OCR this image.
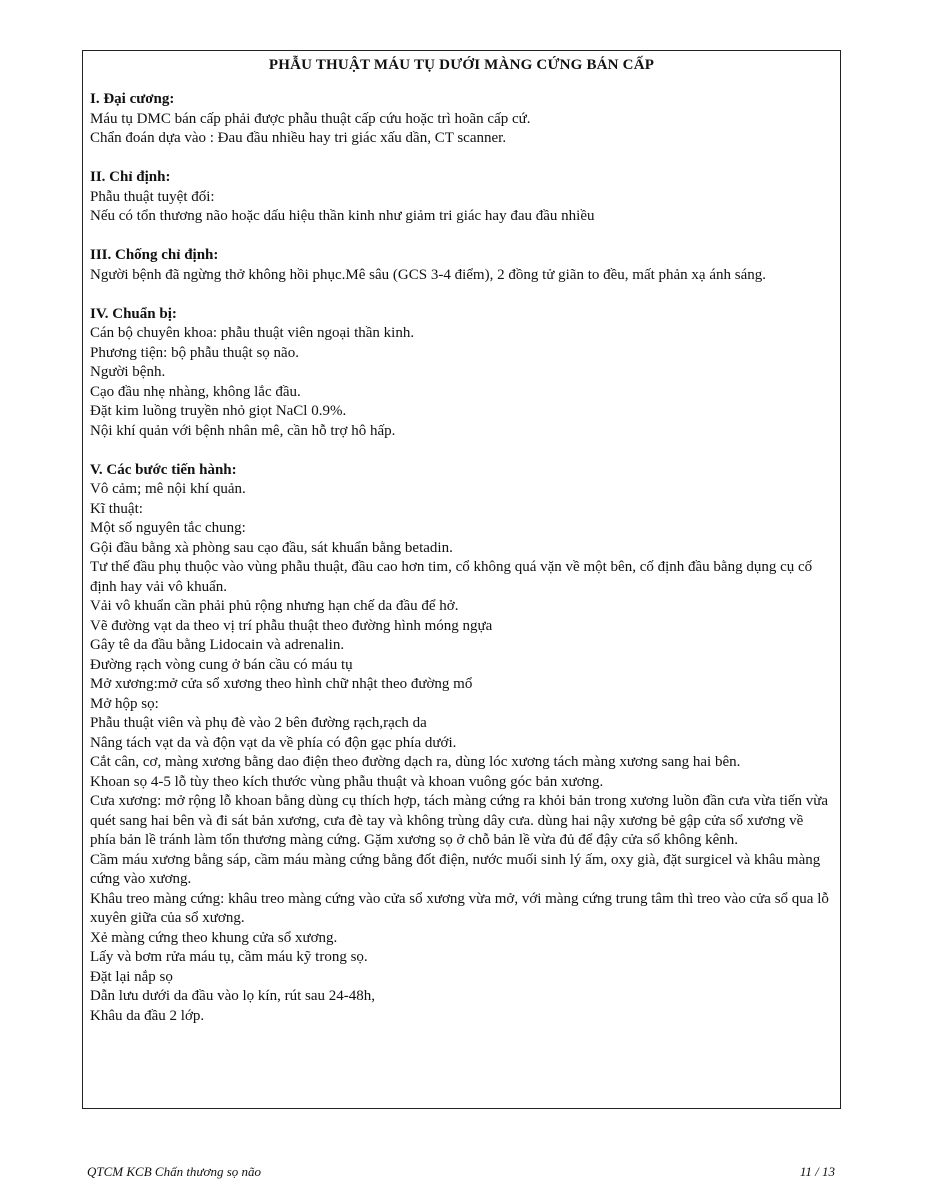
PHẪU THUẬT MÁU TỤ DƯỚI MÀNG CỨNG BÁN CẤP
I. Đại cương:
Máu tụ DMC bán cấp phải được phẫu thuật cấp cứu hoặc trì hoãn cấp cứ.
Chẩn đoán dựa vào : Đau đầu nhiều hay tri giác xấu dần, CT scanner.
II. Chỉ định:
Phẫu thuật tuyệt đối:
Nếu có tổn thương não hoặc dấu hiệu thần kinh như giảm tri giác hay đau đầu nhiều
III. Chống chỉ định:
Người bệnh đã ngừng thở không hồi phục.Mê sâu (GCS 3-4 điểm), 2 đồng tử giãn to đều, mất phản xạ ánh sáng.
IV. Chuẩn bị:
Cán bộ chuyên khoa: phẫu thuật viên ngoại thần kinh.
Phương tiện: bộ phẫu thuật sọ não.
Người bệnh.
Cạo đầu nhẹ nhàng, không lắc đầu.
Đặt kim luồng truyền nhỏ giọt NaCl 0.9%.
Nội khí quản với bệnh nhân mê, cần hỗ trợ hô hấp.
V. Các bước tiến hành:
Vô cảm; mê nội khí quản.
Kĩ thuật:
Một số nguyên tắc chung:
Gội đầu bằng xà phòng sau cạo đầu, sát khuẩn bằng betadin.
Tư thế đầu phụ thuộc vào vùng phẫu thuật, đầu cao hơn tim, cổ không quá vặn về một bên, cố định đầu bằng dụng cụ cố định hay vải vô khuẩn.
Vải vô khuẩn cần phải phủ rộng nhưng hạn chế da đầu để hở.
Vẽ đường vạt da theo vị trí phẫu thuật theo đường hình móng ngựa
Gây tê da đầu bằng Lidocain và adrenalin.
Đường rạch vòng cung ở bán cầu có máu tụ
Mở xương:mở cửa sổ xương theo hình chữ nhật theo đường mổ
Mở hộp sọ:
Phẫu thuật viên và phụ đè vào 2 bên đường rạch,rạch da
Nâng tách vạt da và độn vạt da về phía có độn gạc phía dưới.
Cắt cân, cơ, màng xương bằng dao điện theo đường dạch ra, dùng lóc xương tách màng xương sang hai bên.
Khoan sọ 4-5 lỗ tùy theo kích thước vùng phẫu thuật và khoan vuông góc bản xương.
Cưa xương: mở rộng lỗ khoan bằng dùng cụ thích hợp, tách màng cứng ra khỏi bản trong xương luồn đần cưa vừa tiến vừa quét sang hai bên và đi sát bản xương, cưa đè tay và không trùng dây cưa. dùng hai nậy xương bẻ gập cửa sổ xương về phía bản lề tránh làm tổn thương màng cứng. Gặm xương sọ ở chỗ bản lề vừa đủ để đậy cửa sổ không kênh.
Cầm máu xương bằng sáp, cầm máu màng cứng bằng đốt điện, nước muối sinh lý ấm, oxy già, đặt surgicel và khâu màng cứng vào xương.
Khâu treo màng cứng: khâu treo màng cứng vào cửa sổ xương vừa mở, với màng cứng trung tâm thì treo vào cửa sổ qua lỗ xuyên giữa của sổ xương.
Xẻ màng cứng theo khung cửa sổ xương.
Lấy và bơm rửa máu tụ, cầm máu kỹ trong sọ.
Đặt lại nắp sọ
Dẫn lưu dưới da đầu vào lọ kín, rút sau 24-48h,
Khâu da đầu 2 lớp.
QTCM KCB Chấn thương sọ não	11 / 13
